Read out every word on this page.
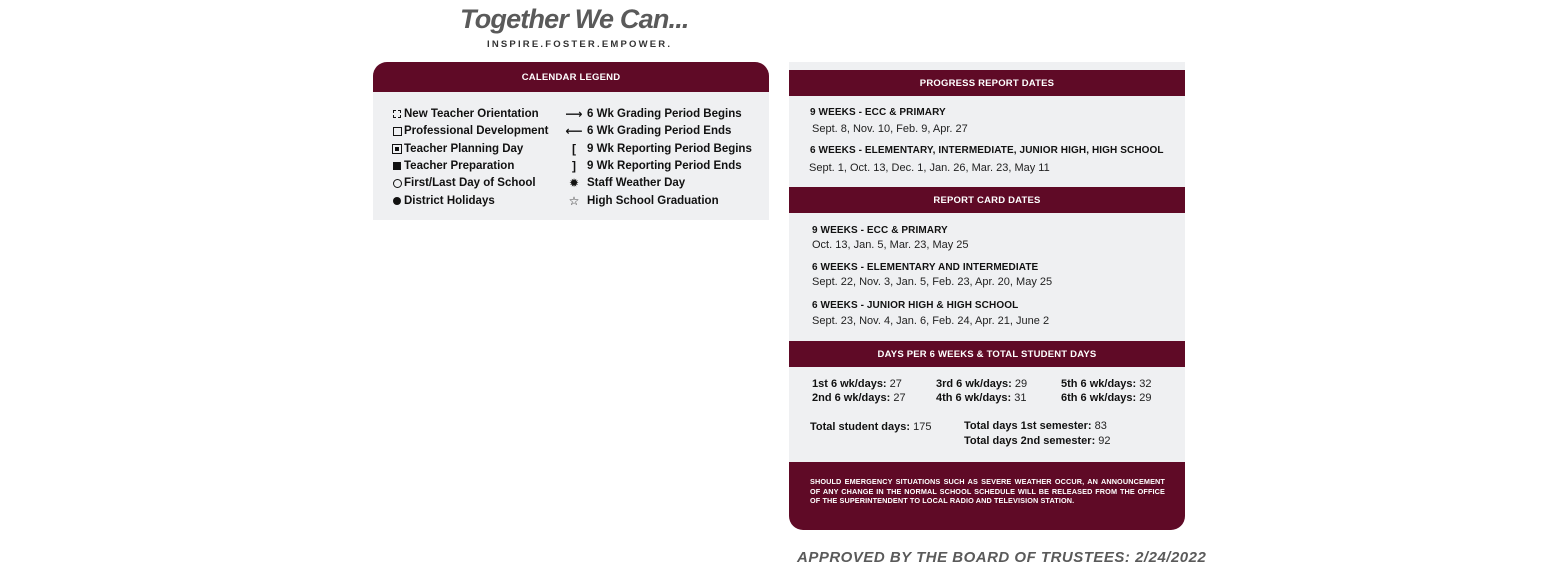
Together We Can...
INSPIRE.FOSTER.EMPOWER.
CALENDAR LEGEND
New Teacher Orientation
Professional Development
Teacher Planning Day
Teacher Preparation
First/Last Day of School
District Holidays
⟶ 6 Wk Grading Period Begins
⟵ 6 Wk Grading Period Ends
[ 9 Wk Reporting Period Begins
] 9 Wk Reporting Period Ends
✹ Staff Weather Day
☆ High School Graduation
PROGRESS REPORT DATES
9 WEEKS - ECC & PRIMARY
Sept. 8, Nov. 10, Feb. 9, Apr. 27
6 WEEKS - ELEMENTARY, INTERMEDIATE, JUNIOR HIGH, HIGH SCHOOL
Sept. 1, Oct. 13, Dec. 1, Jan. 26, Mar. 23, May 11
REPORT CARD DATES
9 WEEKS - ECC & PRIMARY
Oct. 13, Jan. 5, Mar. 23, May 25
6 WEEKS - ELEMENTARY AND INTERMEDIATE
Sept. 22, Nov. 3, Jan. 5, Feb. 23, Apr. 20, May 25
6 WEEKS - JUNIOR HIGH & HIGH SCHOOL
Sept. 23, Nov. 4, Jan. 6, Feb. 24, Apr. 21, June 2
DAYS PER 6 WEEKS & TOTAL STUDENT DAYS
1st 6 wk/days: 27
2nd 6 wk/days: 27
3rd 6 wk/days: 29
4th 6 wk/days: 31
5th 6 wk/days: 32
6th 6 wk/days: 29
Total student days: 175	Total days 1st semester: 83
Total days 2nd semester: 92
SHOULD EMERGENCY SITUATIONS SUCH AS SEVERE WEATHER OCCUR, AN ANNOUNCEMENT OF ANY CHANGE IN THE NORMAL SCHOOL SCHEDULE WILL BE RELEASED FROM THE OFFICE OF THE SUPERINTENDENT TO LOCAL RADIO AND TELEVISION STATION.
APPROVED BY THE BOARD OF TRUSTEES: 2/24/2022
